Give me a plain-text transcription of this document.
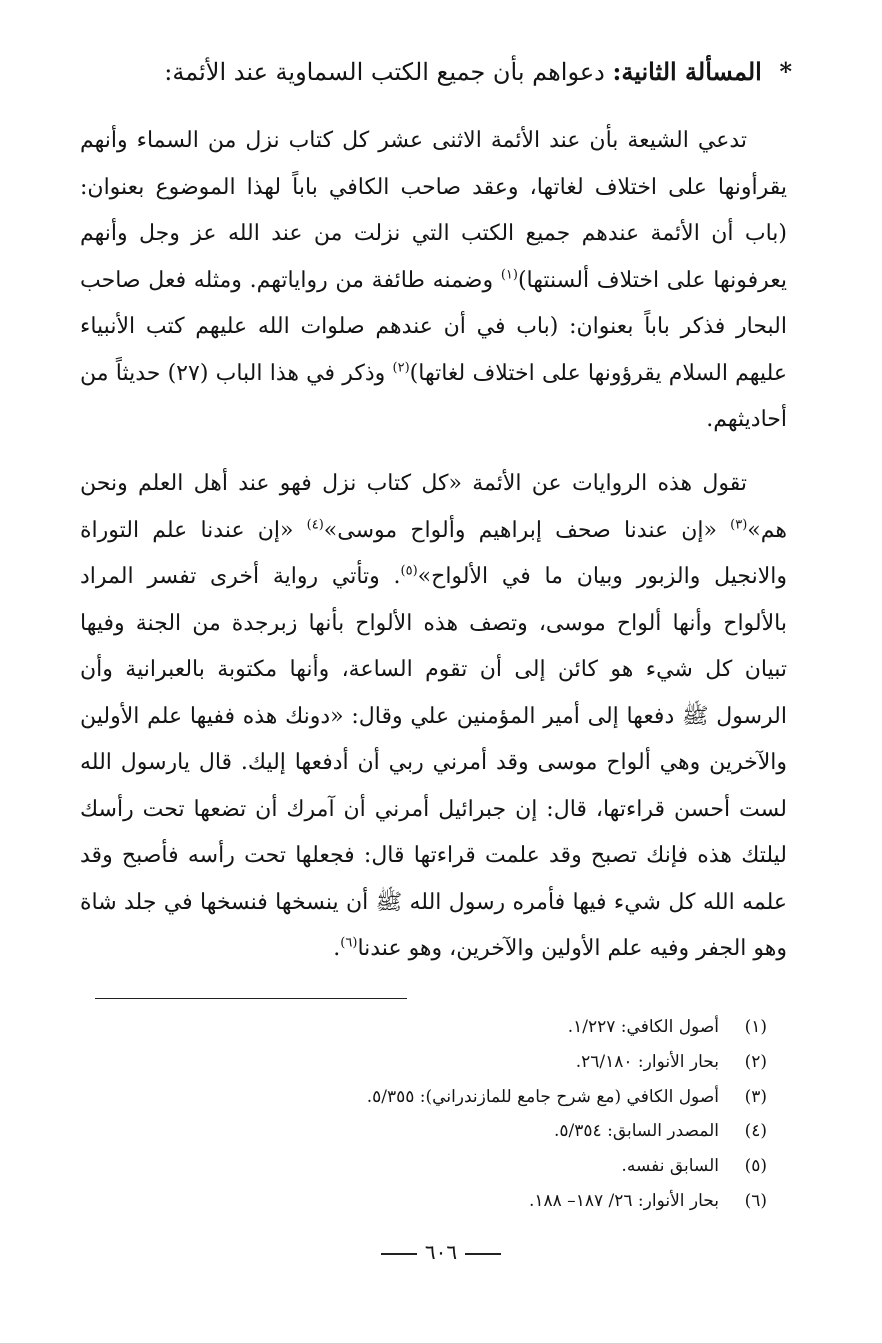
* المسألة الثانية: دعواهم بأن جميع الكتب السماوية عند الأئمة:

تدعي الشيعة بأن عند الأئمة الاثنى عشر كل كتاب نزل من السماء وأنهم يقرأونها على اختلاف لغاتها، وعقد صاحب الكافي باباً لهذا الموضوع بعنوان: (باب أن الأئمة عندهم جميع الكتب التي نزلت من عند الله عز وجل وأنهم يعرفونها على اختلاف ألسنتها)$^{(١)}$ وضمنه طائفة من رواياتهم. ومثله فعل صاحب البحار فذكر باباً بعنوان: (باب في أن عندهم صلوات الله عليهم كتب الأنبياء عليهم السلام يقرؤونها على اختلاف لغاتها)$^{(٢)}$ وذكر في هذا الباب (٢٧) حديثاً من أحاديثهم.

تقول هذه الروايات عن الأئمة «كل كتاب نزل فهو عند أهل العلم ونحن هم»$^{(٣)}$ «إن عندنا صحف إبراهيم وألواح موسى»$^{(٤)}$ «إن عندنا علم التوراة والانجيل والزبور وبيان ما في الألواح»$^{(٥)}$. وتأتي رواية أخرى تفسر المراد بالألواح وأنها ألواح موسى، وتصف هذه الألواح بأنها زبرجدة من الجنة وفيها تبيان كل شيء هو كائن إلى أن تقوم الساعة، وأنها مكتوبة بالعبرانية وأن الرسول ﷺ دفعها إلى أمير المؤمنين علي وقال: «دونك هذه ففيها علم الأولين والآخرين وهي ألواح موسى وقد أمرني ربي أن أدفعها إليك. قال يارسول الله لست أحسن قراءتها، قال: إن جبرائيل أمرني أن آمرك أن تضعها تحت رأسك ليلتك هذه فإنك تصبح وقد علمت قراءتها قال: فجعلها تحت رأسه فأصبح وقد علمه الله كل شيء فيها فأمره رسول الله ﷺ أن ينسخها فنسخها في جلد شاة وهو الجفر وفيه علم الأولين والآخرين، وهو عندنا$^{(٦)}$.

(١)
أصول الكافي: ١/٢٢٧.
(٢)
بحار الأنوار: ٢٦/١٨٠.
(٣)
أصول الكافي (مع شرح جامع للمازندراني): ٥/٣٥٥.
(٤)
المصدر السابق: ٥/٣٥٤.
(٥)
السابق نفسه.
(٦)
بحار الأنوار: ٢٦/ ١٨٧– ١٨٨.
٦٠٦
